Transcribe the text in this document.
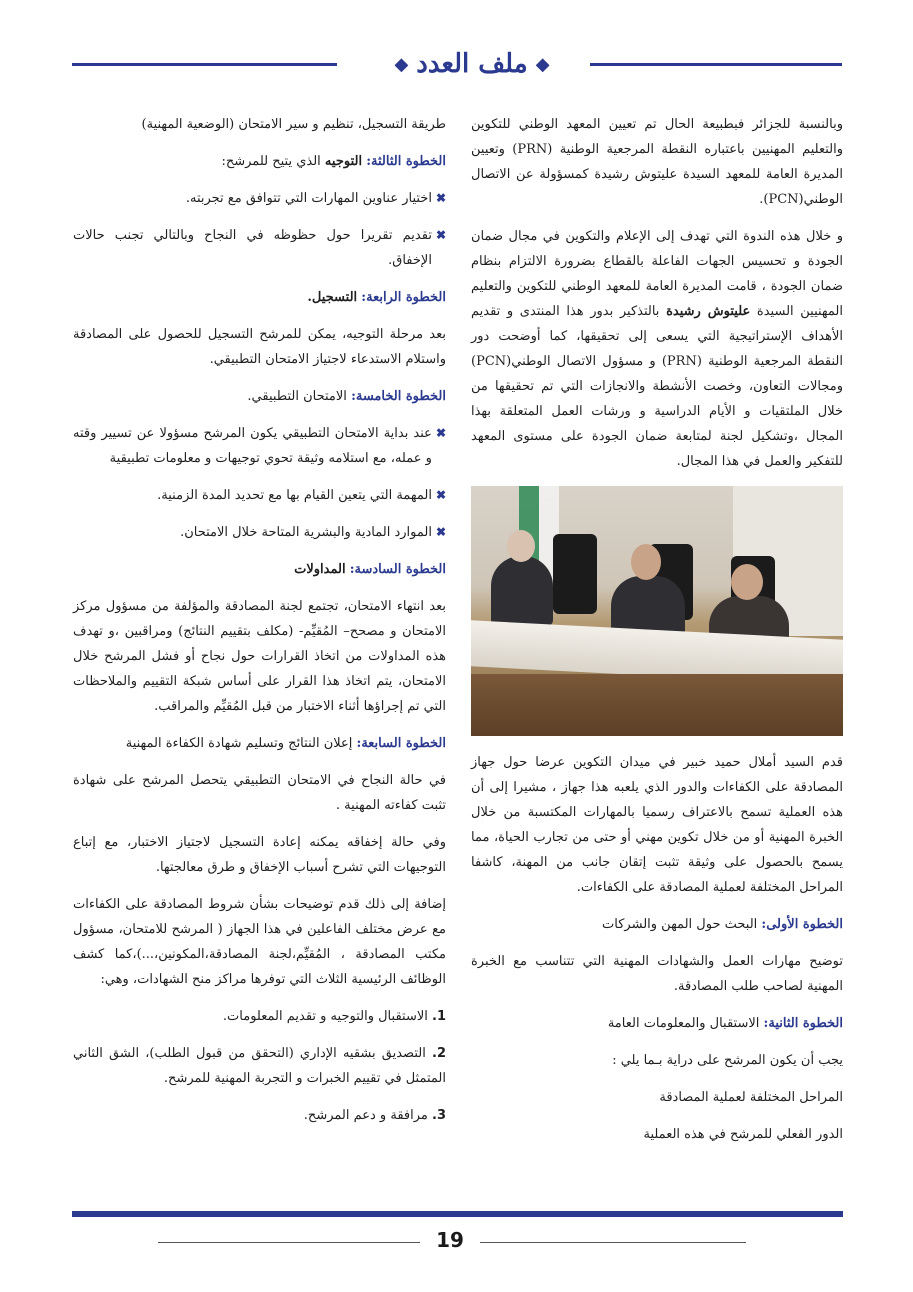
◆
ملف العدد
◆

وبالنسبة للجزائر فبطبيعة الحال تم تعيين المعهد الوطني للتكوين والتعليم المهنيين باعتباره النقطة المرجعية الوطنية (PRN) وتعيين المديرة العامة للمعهد السيدة عليتوش رشيدة كمسؤولة عن الاتصال الوطني(PCN).

و خلال هذه الندوة التي تهدف إلى الإعلام والتكوين في مجال ضمان الجودة و تحسيس الجهات الفاعلة بالقطاع بضرورة الالتزام بنظام ضمان الجودة ، قامت المديرة العامة للمعهد الوطني للتكوين والتعليم المهنيين السيدة عليتوش رشيدة بالتذكير بدور هذا المنتدى و تقديم الأهداف الإستراتيجية التي يسعى إلى تحقيقها، كما أوضحت دور النقطة المرجعية الوطنية (PRN) و مسؤول الاتصال الوطني(PCN) ومجالات التعاون، وخصت الأنشطة والانجازات التي تم تحقيقها من خلال الملتقيات و الأيام الدراسية و ورشات العمل المتعلقة بهذا المجال ،وتشكيل لجنة لمتابعة ضمان الجودة على مستوى المعهد للتفكير والعمل في هذا المجال.

قدم السيد أملال حميد خبير في ميدان التكوين عرضا حول جهاز المصادقة على الكفاءات والدور الذي يلعبه هذا جهاز ، مشيرا إلى أن هذه العملية تسمح بالاعتراف رسميا بالمهارات المكتسبة من خلال الخبرة المهنية أو من خلال تكوين مهني أو حتى من تجارب الحياة، مما يسمح بالحصول على وثيقة تثبت إتقان جانب من المهنة، كاشفا المراحل المختلفة لعملية المصادقة على الكفاءات.

الخطوة الأولى: البحث حول المهن والشركات

توضيح مهارات العمل والشهادات المهنية التي تتناسب مع الخبرة المهنية لصاحب طلب المصادقة.

الخطوة الثانية: الاستقبال والمعلومات العامة

يجب أن يكون المرشح على دراية بـما يلي :

المراحل المختلفة لعملية المصادقة

الدور الفعلي للمرشح في هذه العملية

طريقة التسجيل، تنظيم و سير الامتحان (الوضعية المهنية)

الخطوة الثالثة: التوجيه الذي يتيح للمرشح:

✖
اختيار عناوين المهارات التي تتوافق مع تجربته.

✖
تقديم تقريرا حول حظوظه في النجاح وبالتالي تجنب حالات الإخفاق.

الخطوة الرابعة: التسجيل.

بعد مرحلة التوجيه، يمكن للمرشح التسجيل للحصول على المصادقة واستلام الاستدعاء لاجتياز الامتحان التطبيقي.

الخطوة الخامسة: الامتحان التطبيقي.

✖
عند بداية الامتحان التطبيقي يكون المرشح مسؤولا عن تسيير وقته و عمله، مع استلامه وثيقة تحوي توجيهات و معلومات تطبيقية

✖
المهمة التي يتعين القيام بها مع تحديد المدة الزمنية.

✖
الموارد المادية والبشرية المتاحة خلال الامتحان.

الخطوة السادسة: المداولات

بعد انتهاء الامتحان، تجتمع لجنة المصادقة والمؤلفة من مسؤول مركز الامتحان و مصحح– المُقيِّم- (مكلف بتقييم النتائج) ومراقبين ،و تهدف هذه المداولات من اتخاذ القرارات حول نجاح أو فشل المرشح خلال الامتحان، يتم اتخاذ هذا القرار على أساس شبكة التقييم والملاحظات التي تم إجراؤها أثناء الاختبار من قبل المُقيِّم والمراقب.

الخطوة السابعة: إعلان النتائج وتسليم شهادة الكفاءة المهنية

في حالة النجاح في الامتحان التطبيقي يتحصل المرشح على شهادة تثبت كفاءته المهنية .

وفي حالة إخفاقه يمكنه إعادة التسجيل لاجتياز الاختبار، مع إتباع التوجيهات التي تشرح أسباب الإخفاق و طرق معالجتها.

إضافة إلى ذلك قدم توضيحات بشأن شروط المصادقة على الكفاءات مع عرض مختلف الفاعلين في هذا الجهاز ( المرشح للامتحان، مسؤول مكتب المصادقة ، المُقيِّم،لجنة المصادقة،المكونين،...)،كما كشف الوظائف الرئيسية الثلاث التي توفرها مراكز منح الشهادات، وهي:

1. الاستقبال والتوجيه و تقديم المعلومات.

2. التصديق بشقيه الإداري (التحقق من قبول الطلب)، الشق الثاني المتمثل في تقييم الخبرات و التجربة المهنية للمرشح.

3. مرافقة و دعم المرشح.

19
